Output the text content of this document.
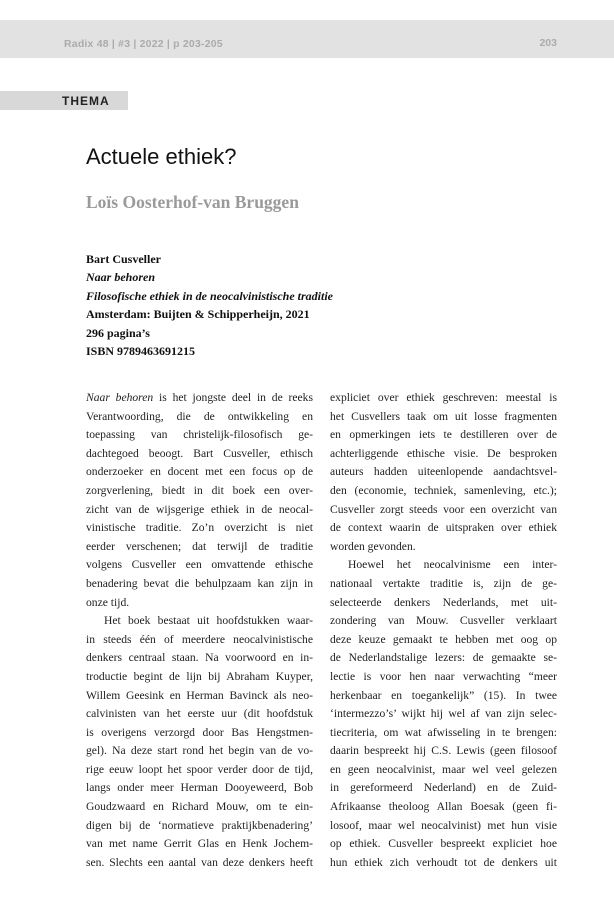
Radix 48 | #3 | 2022 | p 203-205	203
THEMA
Actuele ethiek?
Loïs Oosterhof-van Bruggen
Bart Cusveller
Naar behoren
Filosofische ethiek in de neocalvinistische traditie
Amsterdam: Buijten & Schipperheijn, 2021
296 pagina’s
ISBN 9789463691215
Naar behoren is het jongste deel in de reeks
Verantwoording, die de ontwikkeling en
toepassing van christelijk-filosofisch ge-
dachtegoed beoogt. Bart Cusveller, ethisch
onderzoeker en docent met een focus op de
zorgverlening, biedt in dit boek een over-
zicht van de wijsgerige ethiek in de neocal-
vinistische traditie. Zo’n overzicht is niet
eerder verschenen; dat terwijl de traditie
volgens Cusveller een omvattende ethische
benadering bevat die behulpzaam kan zijn in
onze tijd.
Het boek bestaat uit hoofdstukken waar-
in steeds één of meerdere neocalvinistische
denkers centraal staan. Na voorwoord en in-
troductie begint de lijn bij Abraham Kuyper,
Willem Geesink en Herman Bavinck als neo-
calvinisten van het eerste uur (dit hoofdstuk
is overigens verzorgd door Bas Hengstmen-
gel). Na deze start rond het begin van de vo-
rige eeuw loopt het spoor verder door de tijd,
langs onder meer Herman Dooyeweerd, Bob
Goudzwaard en Richard Mouw, om te ein-
digen bij de ‘normatieve praktijkbenadering’
van met name Gerrit Glas en Henk Jochem-
sen. Slechts een aantal van deze denkers heeft
expliciet over ethiek geschreven: meestal is
het Cusvellers taak om uit losse fragmenten
en opmerkingen iets te destilleren over de
achterliggende ethische visie. De besproken
auteurs hadden uiteenlopende aandachtsvel-
den (economie, techniek, samenleving, etc.);
Cusveller zorgt steeds voor een overzicht van
de context waarin de uitspraken over ethiek
worden gevonden.
Hoewel het neocalvinisme een inter-
nationaal vertakte traditie is, zijn de ge-
selecteerde denkers Nederlands, met uit-
zondering van Mouw. Cusveller verklaart
deze keuze gemaakt te hebben met oog op
de Nederlandstalige lezers: de gemaakte se-
lectie is voor hen naar verwachting “meer
herkenbaar en toegankelijk” (15). In twee
‘intermezzo’s’ wijkt hij wel af van zijn selec-
tiecriteria, om wat afwisseling in te brengen:
daarin bespreekt hij C.S. Lewis (geen filosoof
en geen neocalvinist, maar wel veel gelezen
in gereformeerd Nederland) en de Zuid-
Afrikaanse theoloog Allan Boesak (geen fi-
losoof, maar wel neocalvinist) met hun visie
op ethiek. Cusveller bespreekt expliciet hoe
hun ethiek zich verhoudt tot de denkers uit
